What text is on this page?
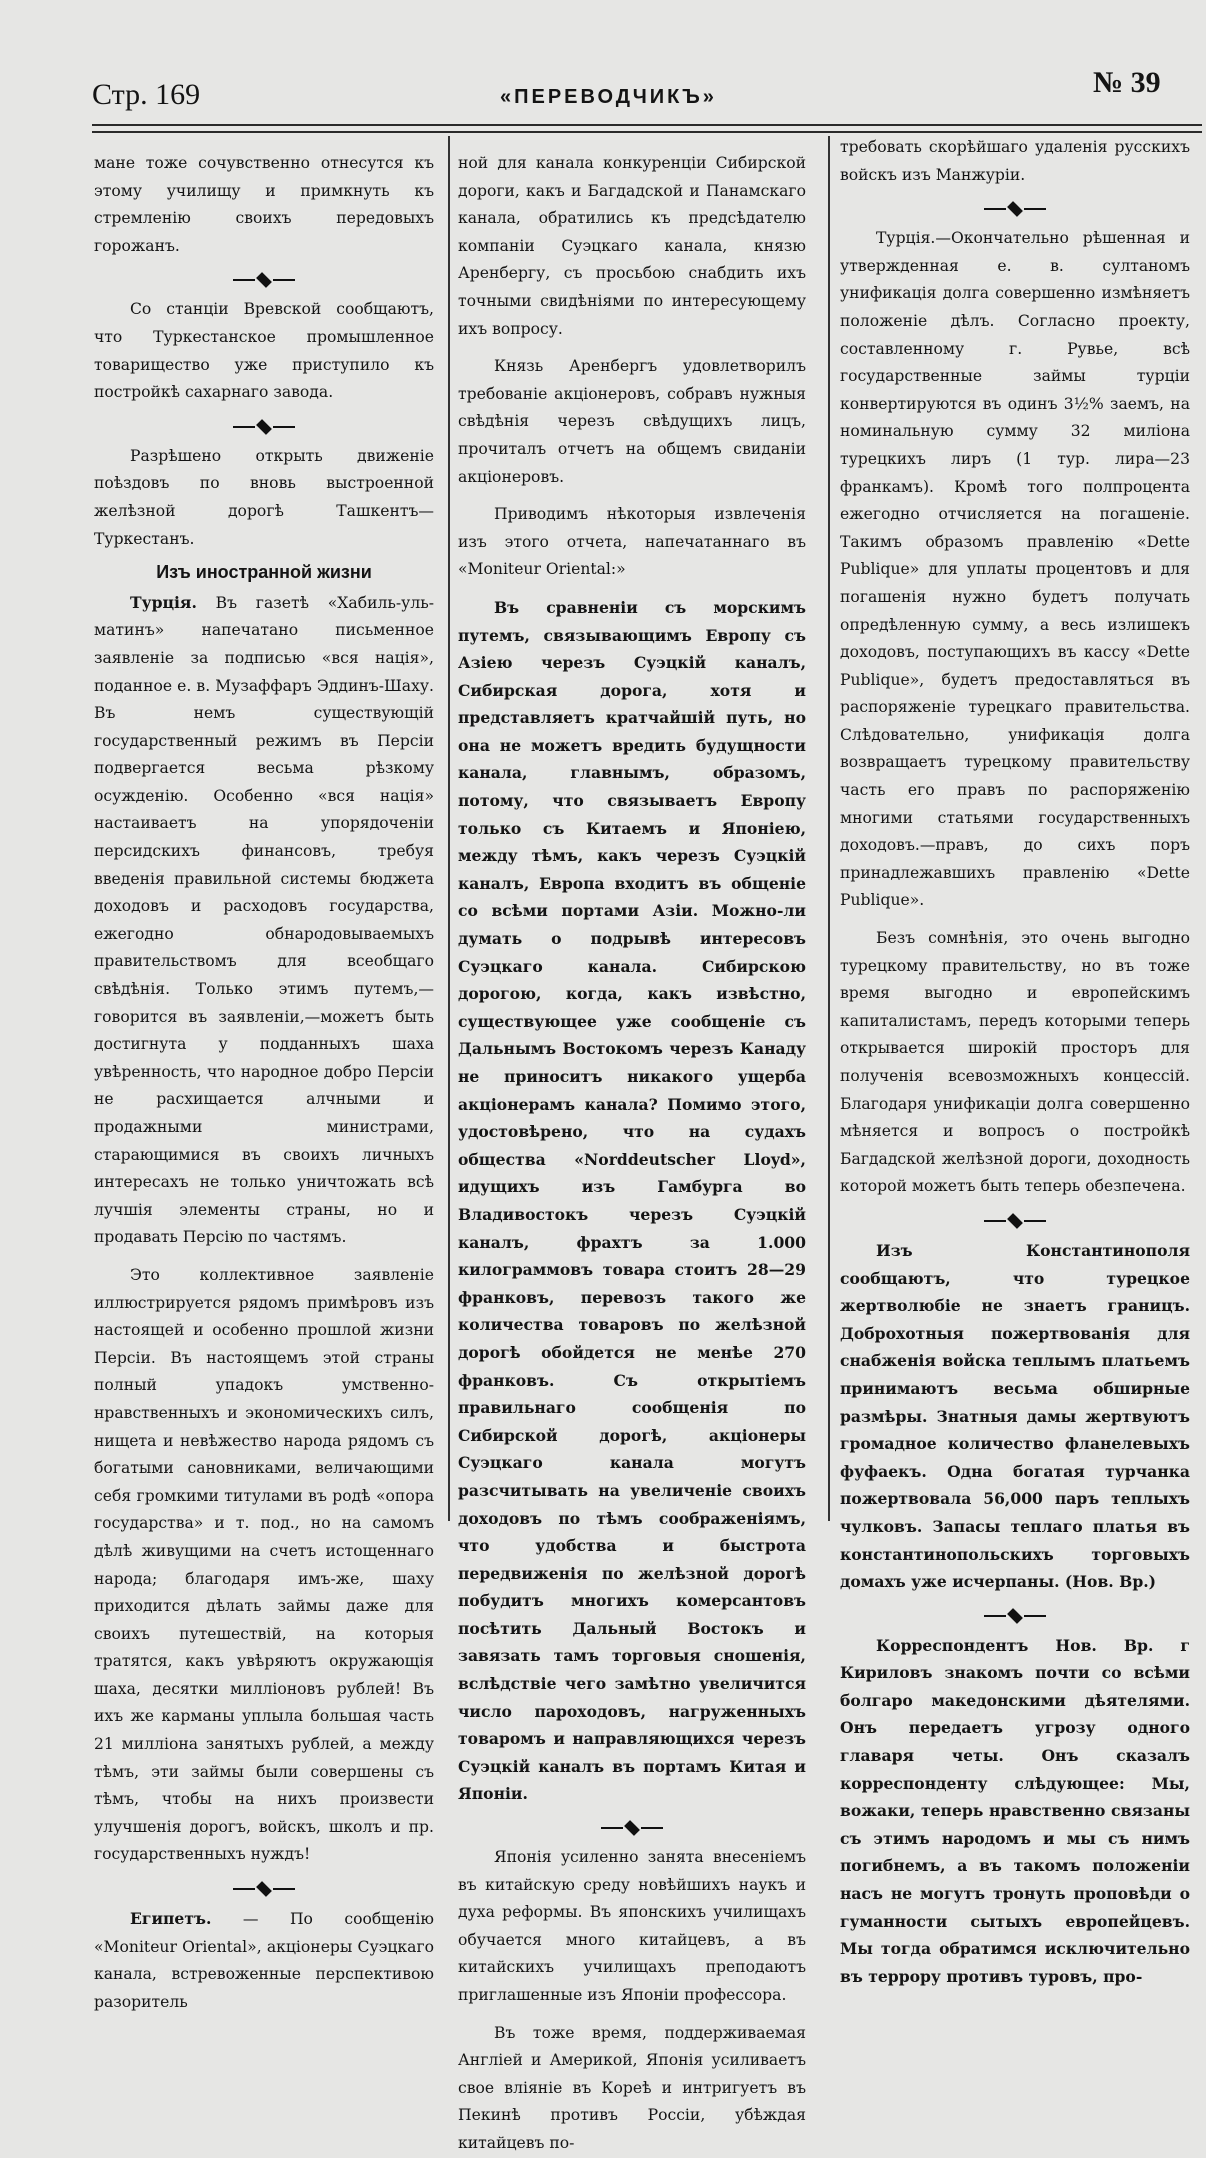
Стр. 169	«ПЕРЕВОДЧИКЪ»	№ 39

мане тоже сочувственно отнесутся къ этому училищу и примкнуть къ стремленію своихъ передовыхъ горожанъ.

Со станціи Вревской сообщаютъ, что Туркестанское промышленное товарищество уже приступило къ постройкѣ сахарнаго завода.

Разрѣшено открыть движеніе поѣздовъ по вновь выстроенной желѣзной дорогѣ Ташкентъ—Туркестанъ.

Изъ иностранной жизни

Турція. Въ газетѣ «Хабиль-уль-матинъ» напечатано письменное заявленіе за подписью «вся нація», поданное е. в. Музаффаръ Эддинъ-Шаху. Въ немъ существующій государственный режимъ въ Персіи подвергается весьма рѣзкому осужденію. Особенно «вся нація» настаиваетъ на упорядоченіи персидскихъ финансовъ, требуя введенія правильной системы бюджета доходовъ и расходовъ государства, ежегодно обнародовываемыхъ правительствомъ для всеобщаго свѣдѣнія. Только этимъ путемъ,—говорится въ заявленіи,—можетъ быть достигнута у подданныхъ шаха увѣренность, что народное добро Персіи не расхищается алчными и продажными министрами, старающимися въ своихъ личныхъ интересахъ не только уничтожать всѣ лучшія элементы страны, но и продавать Персію по частямъ.

Это коллективное заявленіе иллюстрируется рядомъ примѣровъ изъ настоящей и особенно прошлой жизни Персіи. Въ настоящемъ этой страны полный упадокъ умственно-нравственныхъ и экономическихъ силъ, нищета и невѣжество народа рядомъ съ богатыми сановниками, величающими себя громкими титулами въ родѣ «опора государства» и т. под., но на самомъ дѣлѣ живущими на счетъ истощеннаго народа; благодаря имъ-же, шаху приходится дѣлать займы даже для своихъ путешествій, на которыя тратятся, какъ увѣряютъ окружающія шаха, десятки милліоновъ рублей! Въ ихъ же карманы уплыла большая часть 21 милліона занятыхъ рублей, а между тѣмъ, эти займы были совершены съ тѣмъ, чтобы на нихъ произвести улучшенія дорогъ, войскъ, школъ и пр. государственныхъ нуждъ!

Египетъ. — По сообщенію «Moniteur Oriental», акціонеры Суэцкаго канала, встревоженные перспективою разоритель

ной для канала конкуренціи Сибирской дороги, какъ и Багдадской и Панамскаго канала, обратились къ предсѣдателю компаніи Суэцкаго канала, князю Аренбергу, съ просьбою снабдить ихъ точными свидѣніями по интересующему ихъ вопросу.

Князь Аренбергъ удовлетворилъ требованіе акціонеровъ, собравъ нужныя свѣдѣнія черезъ свѣдущихъ лицъ, прочиталъ отчетъ на общемъ свиданіи акціонеровъ.

Приводимъ нѣкоторыя извлеченія изъ этого отчета, напечатаннаго въ «Moniteur Oriental:»

Въ сравненіи съ морскимъ путемъ, связывающимъ Европу съ Азіею черезъ Суэцкій каналъ, Сибирская дорога, хотя и представляетъ кратчайшій путь, но она не можетъ вредить будущности канала, главнымъ, образомъ, потому, что связываетъ Европу только съ Китаемъ и Японіею, между тѣмъ, какъ черезъ Суэцкій каналъ, Европа входитъ въ общеніе со всѣми портами Азіи. Можно-ли думать о подрывѣ интересовъ Суэцкаго канала. Сибирскою дорогою, когда, какъ извѣстно, существующее уже сообщеніе съ Дальнымъ Востокомъ черезъ Канаду не приноситъ никакого ущерба акціонерамъ канала? Помимо этого, удостовѣрено, что на судахъ общества «Norddeutscher Lloyd», идущихъ изъ Гамбурга во Владивостокъ черезъ Суэцкій каналъ, фрахтъ за 1.000 килограммовъ товара стоитъ 28—29 франковъ, перевозъ такого же количества товаровъ по желѣзной дорогѣ обойдется не менѣе 270 франковъ. Съ открытіемъ правильнаго сообщенія по Сибирской дорогѣ, акціонеры Суэцкаго канала могутъ разсчитывать на увеличеніе своихъ доходовъ по тѣмъ соображеніямъ, что удобства и быстрота передвиженія по желѣзной дорогѣ побудитъ многихъ комерсантовъ посѣтить Дальный Востокъ и завязать тамъ торговыя сношенія, вслѣдствіе чего замѣтно увеличится число пароходовъ, нагруженныхъ товаромъ и направляющихся черезъ Суэцкій каналъ въ портамъ Китая и Японіи.

Японія усиленно занята внесеніемъ въ китайскую среду новѣйшихъ наукъ и духа реформы. Въ японскихъ училищахъ обучается много китайцевъ, а въ китайскихъ училищахъ преподаютъ приглашенные изъ Японіи профессора.

Въ тоже время, поддерживаемая Англіей и Америкой, Японія усиливаетъ свое вліяніе въ Кореѣ и интригуетъ въ Пекинѣ противъ Россіи, убѣждая китайцевъ по-

требовать скорѣйшаго удаленія русскихъ войскъ изъ Манжуріи.

Турція.—Окончательно рѣшенная и утвержденная е. в. султаномъ унификація долга совершенно измѣняетъ положеніе дѣлъ. Согласно проекту, составленному г. Рувье, всѣ государственные займы турціи конвертируются въ одинъ 3½% заемъ, на номинальную сумму 32 миліона турецкихъ лиръ (1 тур. лира—23 франкамъ). Кромѣ того полпроцента ежегодно отчисляется на погашеніе. Такимъ образомъ правленію «Dette Publique» для уплаты процентовъ и для погашенія нужно будетъ получать опредѣленную сумму, а весь излишекъ доходовъ, поступающихъ въ кассу «Dette Publique», будетъ предоставляться въ распоряженіе турецкаго правительства. Слѣдовательно, унификація долга возвращаетъ турецкому правительству часть его правъ по распоряженію многими статьями государственныхъ доходовъ.—правъ, до сихъ поръ принадлежавшихъ правленію «Dette Publique».

Безъ сомнѣнія, это очень выгодно турецкому правительству, но въ тоже время выгодно и европейскимъ капиталистамъ, передъ которыми теперь открывается широкій просторъ для полученія всевозможныхъ концессій. Благодаря унификаціи долга совершенно мѣняется и вопросъ о постройкѣ Багдадской желѣзной дороги, доходность которой можетъ быть теперь обезпечена.

Изъ Константинополя сообщаютъ, что турецкое жертволюбіе не знаетъ границъ. Доброхотныя пожертвованія для снабженія войска теплымъ платьемъ принимаютъ весьма обширные размѣры. Знатныя дамы жертвуютъ громадное количество фланелевыхъ фуфаекъ. Одна богатая турчанка пожертвовала 56,000 паръ теплыхъ чулковъ. Запасы теплаго платья въ константинопольскихъ торговыхъ домахъ уже исчерпаны. (Нов. Вр.)

Корреспондентъ Нов. Вр. г Кириловъ знакомъ почти со всѣми болгаро македонскими дѣятелями. Онъ передаетъ угрозу одного главаря четы. Онъ сказалъ корреспонденту слѣдующее: Мы, вожаки, теперь нравственно связаны съ этимъ народомъ и мы съ нимъ погибнемъ, а въ такомъ положеніи насъ не могутъ тронуть проповѣди о гуманности сытыхъ европейцевъ. Мы тогда обратимся исключительно въ террору противъ туровъ, про-
